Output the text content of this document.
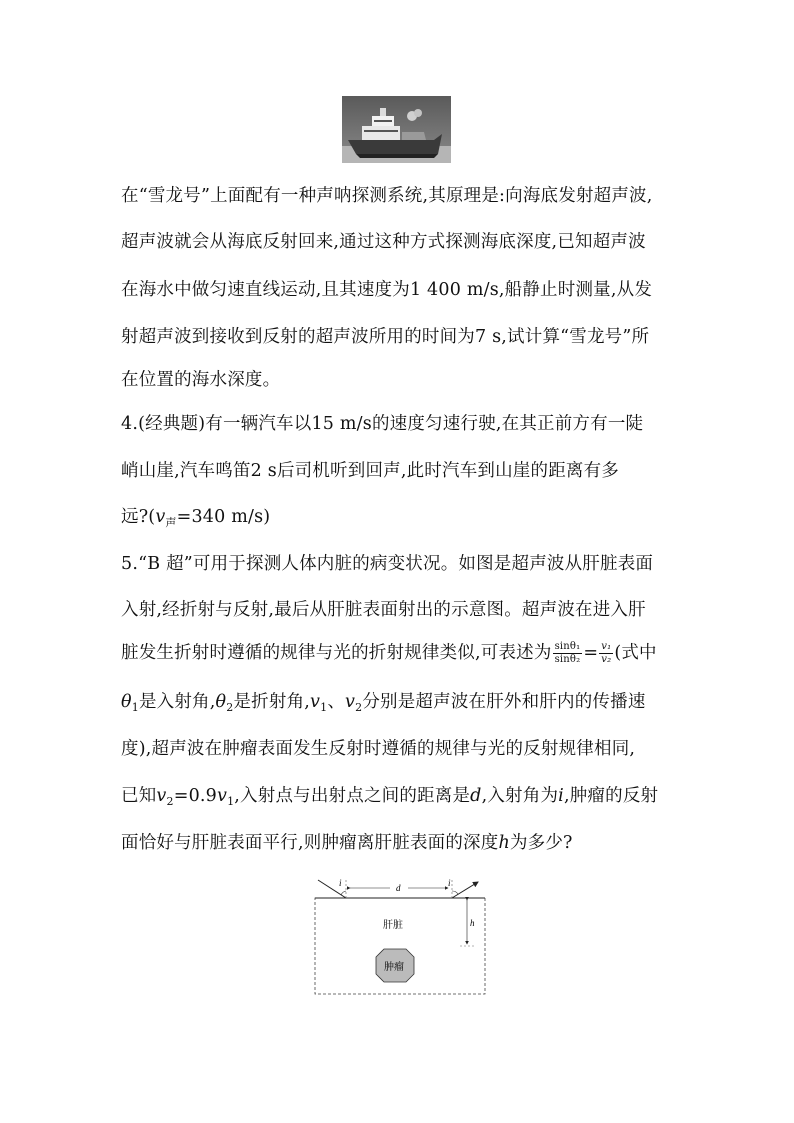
在“雪龙号”上面配有一种声呐探测系统,其原理是:向海底发射超声波,
超声波就会从海底反射回来,通过这种方式探测海底深度,已知超声波
在海水中做匀速直线运动,且其速度为1 400 m/s,船静止时测量,从发
射超声波到接收到反射的超声波所用的时间为7 s,试计算“雪龙号”所
在位置的海水深度。
4.(经典题)有一辆汽车以15 m/s的速度匀速行驶,在其正前方有一陡
峭山崖,汽车鸣笛2 s后司机听到回声,此时汽车到山崖的距离有多
远$?(v_声=340$ m/s)
5.“B 超”可用于探测人体内脏的病变状况。如图是超声波从肝脏表面
入射,经折射与反射,最后从肝脏表面射出的示意图。超声波在进入肝
脏发生折射时遵循的规律与光的折射规律类似,可表述为 $\frac{\text{sinθ₁}}{\text{sinθ₂}} = \frac{\text{v₁}}{\text{v₂}}$ (式中
$\theta_1$是入射角$,\theta_2$是折射角$,v_1$、$v_2$分别是超声波在肝外和肝内的传播速
度),超声波在肿瘤表面发生反射时遵循的规律与光的反射规律相同,
已知$v_2=0.9v_1$,入射点与出射点之间的距离是d,入射角为i,肿瘤的反射
面恰好与肝脏表面平行,则肿瘤离肝脏表面的深度h为多少?
i	d	i
肝脏	h
肿瘤
